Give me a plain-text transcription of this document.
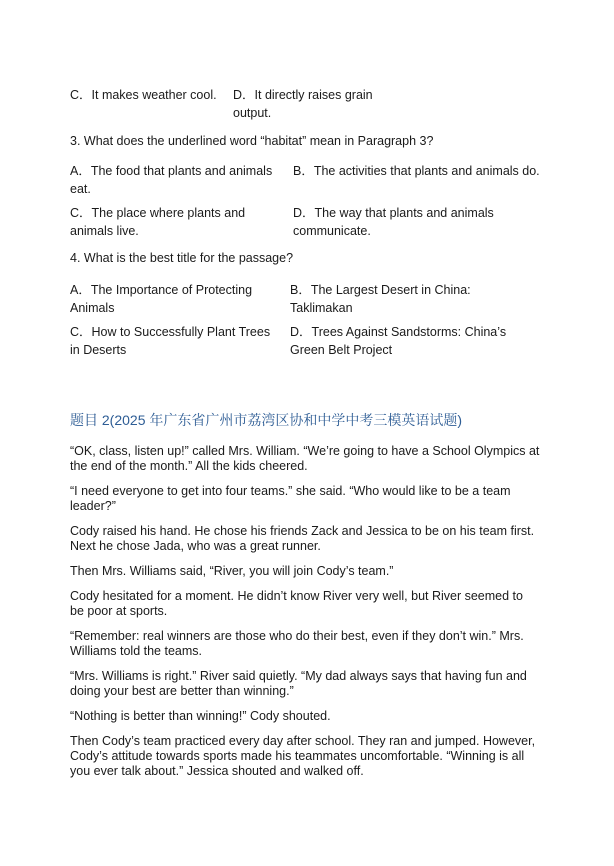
C．It makes weather cool. D．It directly raises grain output.
3. What does the underlined word “habitat” mean in Paragraph 3?
A．The food that plants and animals eat.
B．The activities that plants and animals do.
C．The place where plants and animals live.
D．The way that plants and animals communicate.
4. What is the best title for the passage?
A．The Importance of Protecting Animals
B．The Largest Desert in China: Taklimakan
C．How to Successfully Plant Trees in Deserts
D．Trees Against Sandstorms: China’s Green Belt Project
题目 2(2025 年广东省广州市荔湾区协和中学中考三模英语试题)
“OK, class, listen up!” called Mrs. William. “We’re going to have a School Olympics at the end of the month.” All the kids cheered.
“I need everyone to get into four teams.” she said. “Who would like to be a team leader?”
Cody raised his hand. He chose his friends Zack and Jessica to be on his team first. Next he chose Jada, who was a great runner.
Then Mrs. Williams said, “River, you will join Cody’s team.”
Cody hesitated for a moment. He didn’t know River very well, but River seemed to be poor at sports.
“Remember: real winners are those who do their best, even if they don’t win.” Mrs. Williams told the teams.
“Mrs. Williams is right.” River said quietly. “My dad always says that having fun and doing your best are better than winning.”
“Nothing is better than winning!” Cody shouted.
Then Cody’s team practiced every day after school. They ran and jumped. However, Cody’s attitude towards sports made his teammates uncomfortable. “Winning is all you ever talk about.” Jessica shouted and walked off.
